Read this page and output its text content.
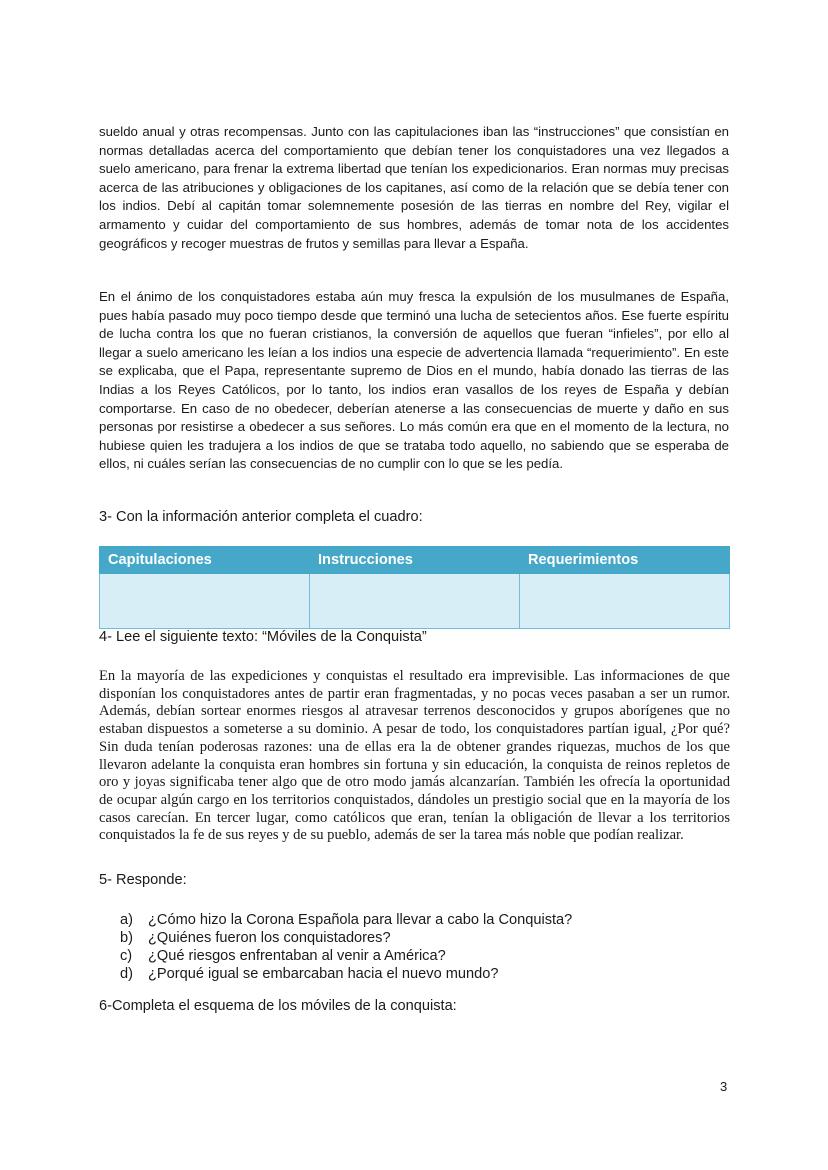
sueldo anual y otras recompensas. Junto con las capitulaciones iban las “instrucciones” que consistían en normas detalladas acerca del comportamiento que debían tener los conquistadores una vez llegados a suelo americano, para frenar la extrema libertad que tenían los expedicionarios. Eran normas muy precisas acerca de las atribuciones y obligaciones de los capitanes, así como de la relación que se debía tener con los indios. Debí al capitán tomar solemnemente posesión de las tierras en nombre del Rey, vigilar el armamento y cuidar del comportamiento de sus hombres, además de tomar nota de los accidentes geográficos y recoger muestras de frutos y semillas para llevar a España.

En el ánimo de los conquistadores estaba aún muy fresca la expulsión de los musulmanes de España, pues había pasado muy poco tiempo desde que terminó una lucha de setecientos años. Ese fuerte espíritu de lucha contra los que no fueran cristianos, la conversión de aquellos que fueran “infieles”, por ello al llegar a suelo americano les leían a los indios una especie de advertencia llamada “requerimiento”. En este se explicaba, que el Papa, representante supremo de Dios en el mundo, había donado las tierras de las Indias a los Reyes Católicos, por lo tanto, los indios eran vasallos de los reyes de España y debían comportarse. En caso de no obedecer, deberían atenerse a las consecuencias de muerte y daño en sus personas por resistirse a obedecer a sus señores. Lo más común era que en el momento de la lectura, no hubiese quien les tradujera a los indios de que se trataba todo aquello, no sabiendo que se esperaba de ellos, ni cuáles serían las consecuencias de no cumplir con lo que se les pedía.

3- Con la información anterior completa el cuadro:

Capitulaciones	Instrucciones	Requerimientos

4- Lee el siguiente texto: “Móviles de la Conquista”

En la mayoría de las expediciones y conquistas el resultado era imprevisible. Las informaciones de que disponían los conquistadores antes de partir eran fragmentadas, y no pocas veces pasaban a ser un rumor. Además, debían sortear enormes riesgos al atravesar terrenos desconocidos y grupos aborígenes que no estaban dispuestos a someterse a su dominio. A pesar de todo, los conquistadores partían igual, ¿Por qué? Sin duda tenían poderosas razones: una de ellas era la de obtener grandes riquezas, muchos de los que llevaron adelante la conquista eran hombres sin fortuna y sin educación, la conquista de reinos repletos de oro y joyas significaba tener algo que de otro modo jamás alcanzarían. También les ofrecía la oportunidad de ocupar algún cargo en los territorios conquistados, dándoles un prestigio social que en la mayoría de los casos carecían. En tercer lugar, como católicos que eran, tenían la obligación de llevar a los territorios conquistados la fe de sus reyes y de su pueblo, además de ser la tarea más noble que podían realizar.

5- Responde:

a)	¿Cómo hizo la Corona Española para llevar a cabo la Conquista?
b)	¿Quiénes fueron los conquistadores?
c)	¿Qué riesgos enfrentaban al venir a América?
d)	¿Porqué igual se embarcaban hacia el nuevo mundo?

6-Completa el esquema de los móviles de la conquista:

3
